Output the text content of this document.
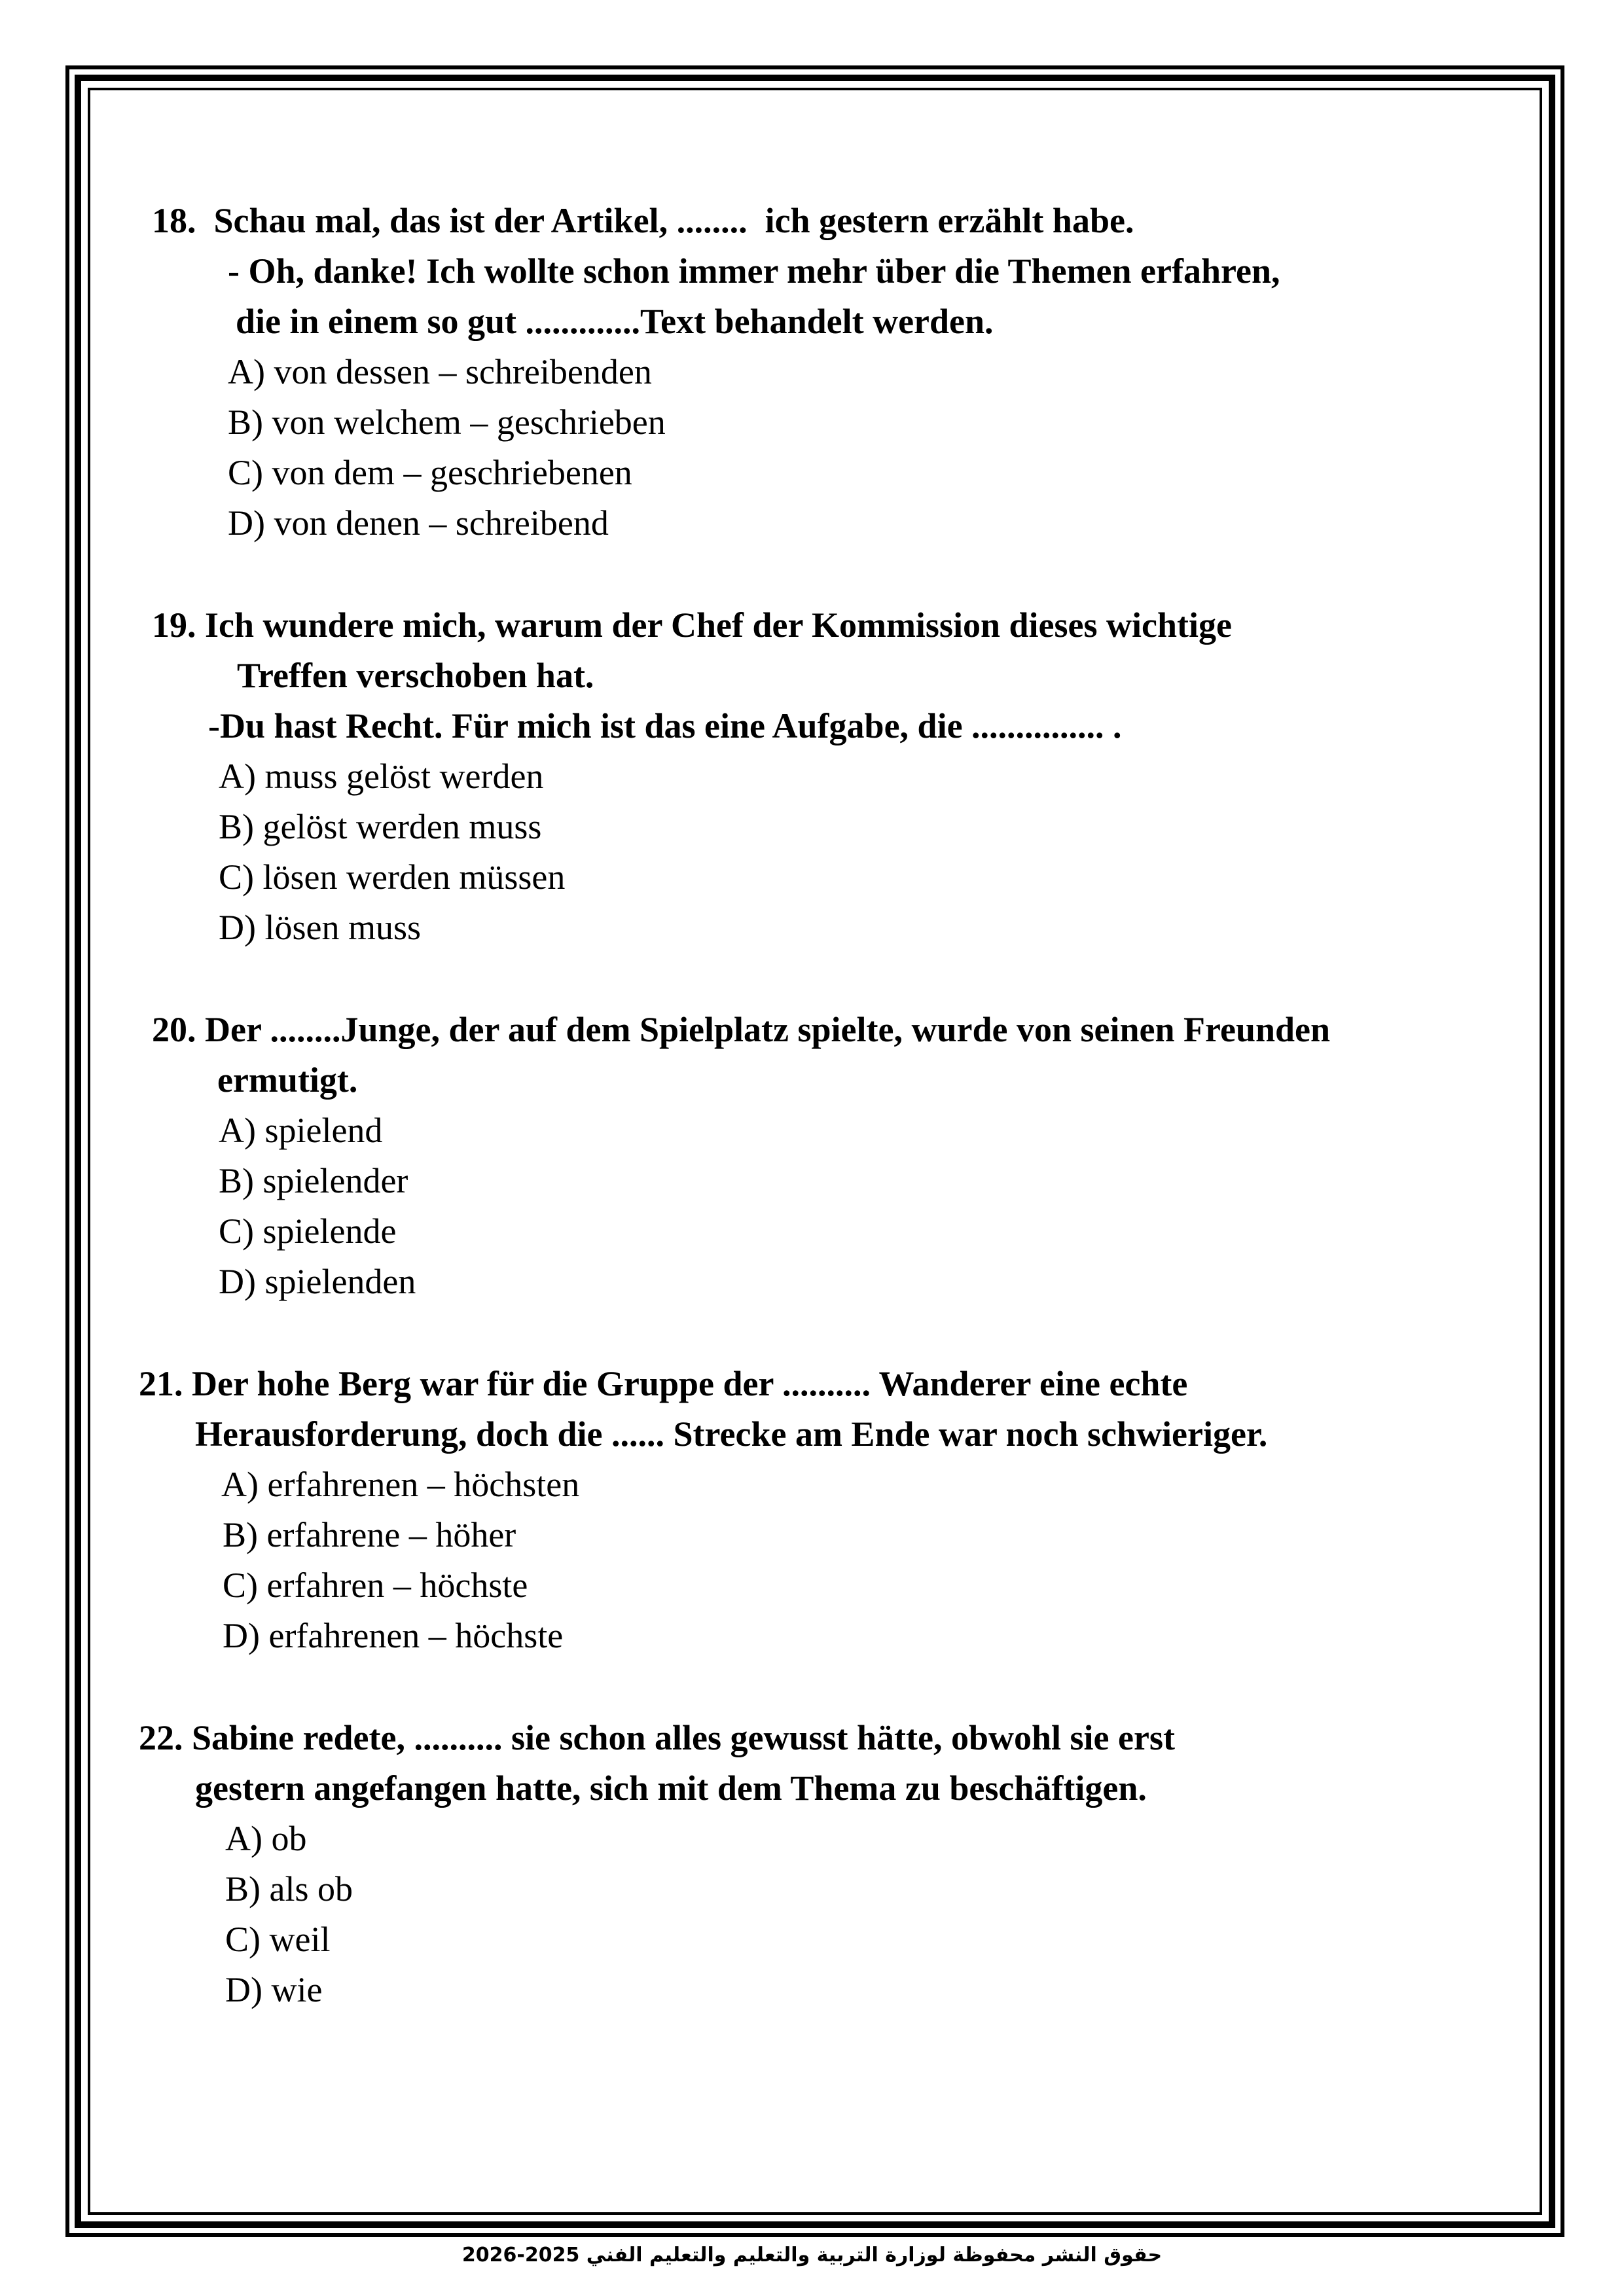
18.  Schau mal, das ist der Artikel, ........  ich gestern erzählt habe.
- Oh, danke! Ich wollte schon immer mehr über die Themen erfahren,
die in einem so gut .............Text behandelt werden.
A) von dessen – schreibenden
B) von welchem – geschrieben
C) von dem – geschriebenen
D) von denen – schreibend
19. Ich wundere mich, warum der Chef der Kommission dieses wichtige
Treffen verschoben hat.
-Du hast Recht. Für mich ist das eine Aufgabe, die ............... .
A) muss gelöst werden
B) gelöst werden muss
C) lösen werden müssen
D) lösen muss
20. Der ........Junge, der auf dem Spielplatz spielte, wurde von seinen Freunden
ermutigt.
A) spielend
B) spielender
C) spielende
D) spielenden
21. Der hohe Berg war für die Gruppe der .......... Wanderer eine echte
Herausforderung, doch die ...... Strecke am Ende war noch schwieriger.
A) erfahrenen – höchsten
B) erfahrene – höher
C) erfahren – höchste
D) erfahrenen – höchste
22. Sabine redete, .......... sie schon alles gewusst hätte, obwohl sie erst
gestern angefangen hatte, sich mit dem Thema zu beschäftigen.
A) ob
B) als ob
C) weil
D) wie
حقوق النشر محفوظة لوزارة التربية والتعليم والتعليم الفني 2025-2026
